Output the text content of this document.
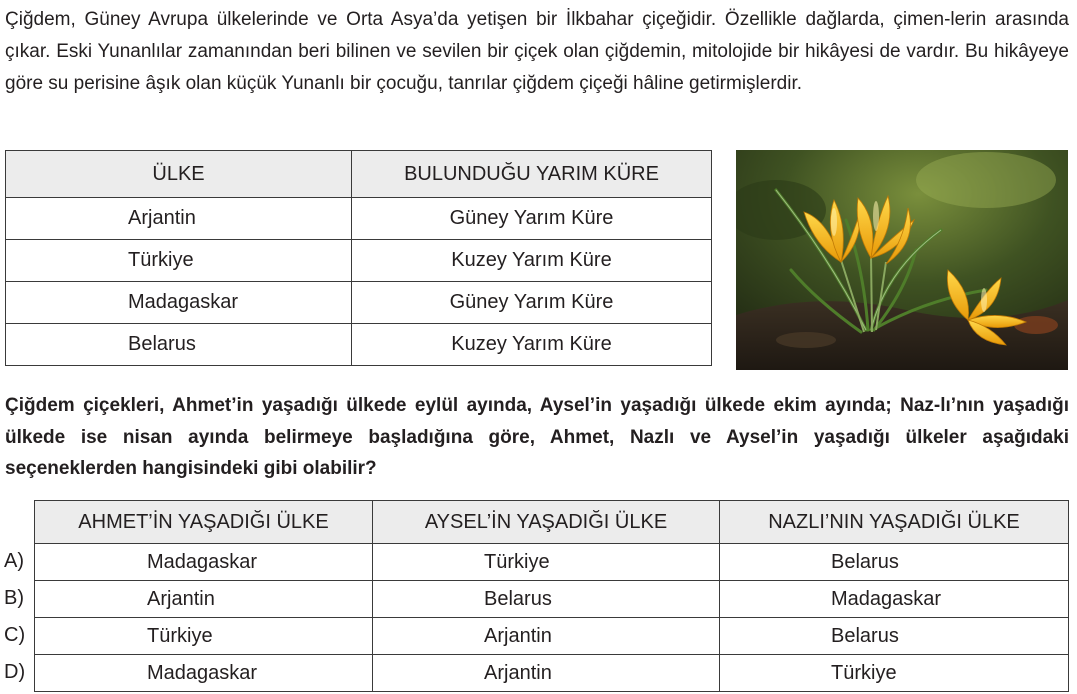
Çiğdem, Güney Avrupa ülkelerinde ve Orta Asya’da yetişen bir İlkbahar çiçeğidir. Özellikle dağlarda, çimen-lerin arasında çıkar. Eski Yunanlılar zamanından beri bilinen ve sevilen bir çiçek olan çiğdemin, mitolojide bir hikâyesi de vardır. Bu hikâyeye göre su perisine âşık olan küçük Yunanlı bir çocuğu, tanrılar çiğdem çiçeği hâline getirmişlerdir.

ÜLKE	BULUNDUĞU YARIM KÜRE
Arjantin	Güney Yarım Küre
Türkiye	Kuzey Yarım Küre
Madagaskar	Güney Yarım Küre
Belarus	Kuzey Yarım Küre

Çiğdem çiçekleri, Ahmet’in yaşadığı ülkede eylül ayında, Aysel’in yaşadığı ülkede ekim ayında; Naz-lı’nın yaşadığı ülkede ise nisan ayında belirmeye başladığına göre, Ahmet, Nazlı ve Aysel’in yaşadığı ülkeler aşağıdaki seçeneklerden hangisindeki gibi olabilir?

A)
B)
C)
D)
AHMET’İN YAŞADIĞI ÜLKE	AYSEL’İN YAŞADIĞI ÜLKE	NAZLI’NIN YAŞADIĞI ÜLKE
Madagaskar	Türkiye	Belarus
Arjantin	Belarus	Madagaskar
Türkiye	Arjantin	Belarus
Madagaskar	Arjantin	Türkiye
